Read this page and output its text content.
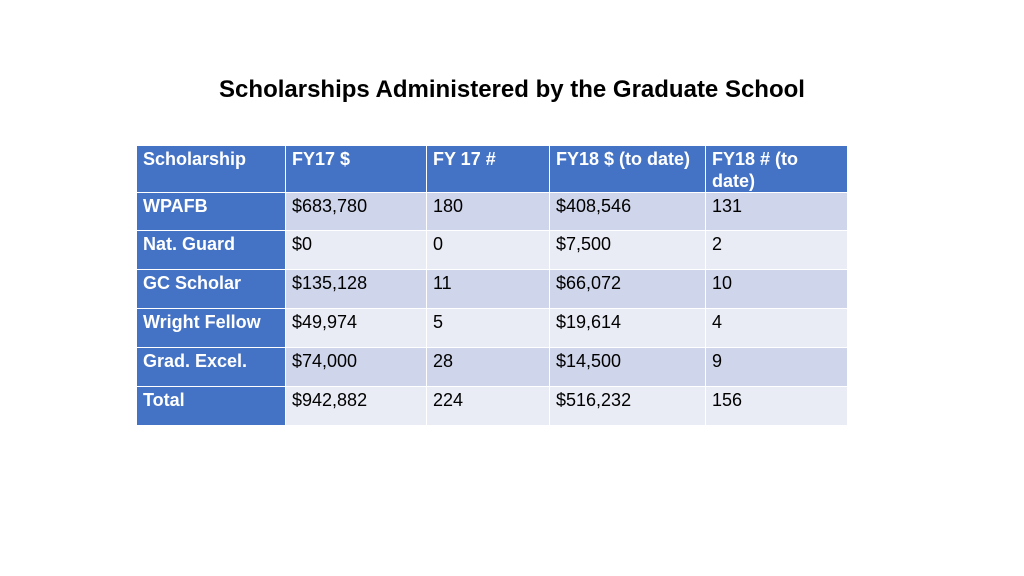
Scholarships Administered by the Graduate School
Scholarship	FY17 $	FY 17 #	FY18 $ (to date)	FY18 # (to date)
WPAFB	$683,780	180	$408,546	131
Nat. Guard	$0	0	$7,500	2
GC Scholar	$135,128	11	$66,072	10
Wright Fellow	$49,974	5	$19,614	4
Grad. Excel.	$74,000	28	$14,500	9
Total	$942,882	224	$516,232	156
